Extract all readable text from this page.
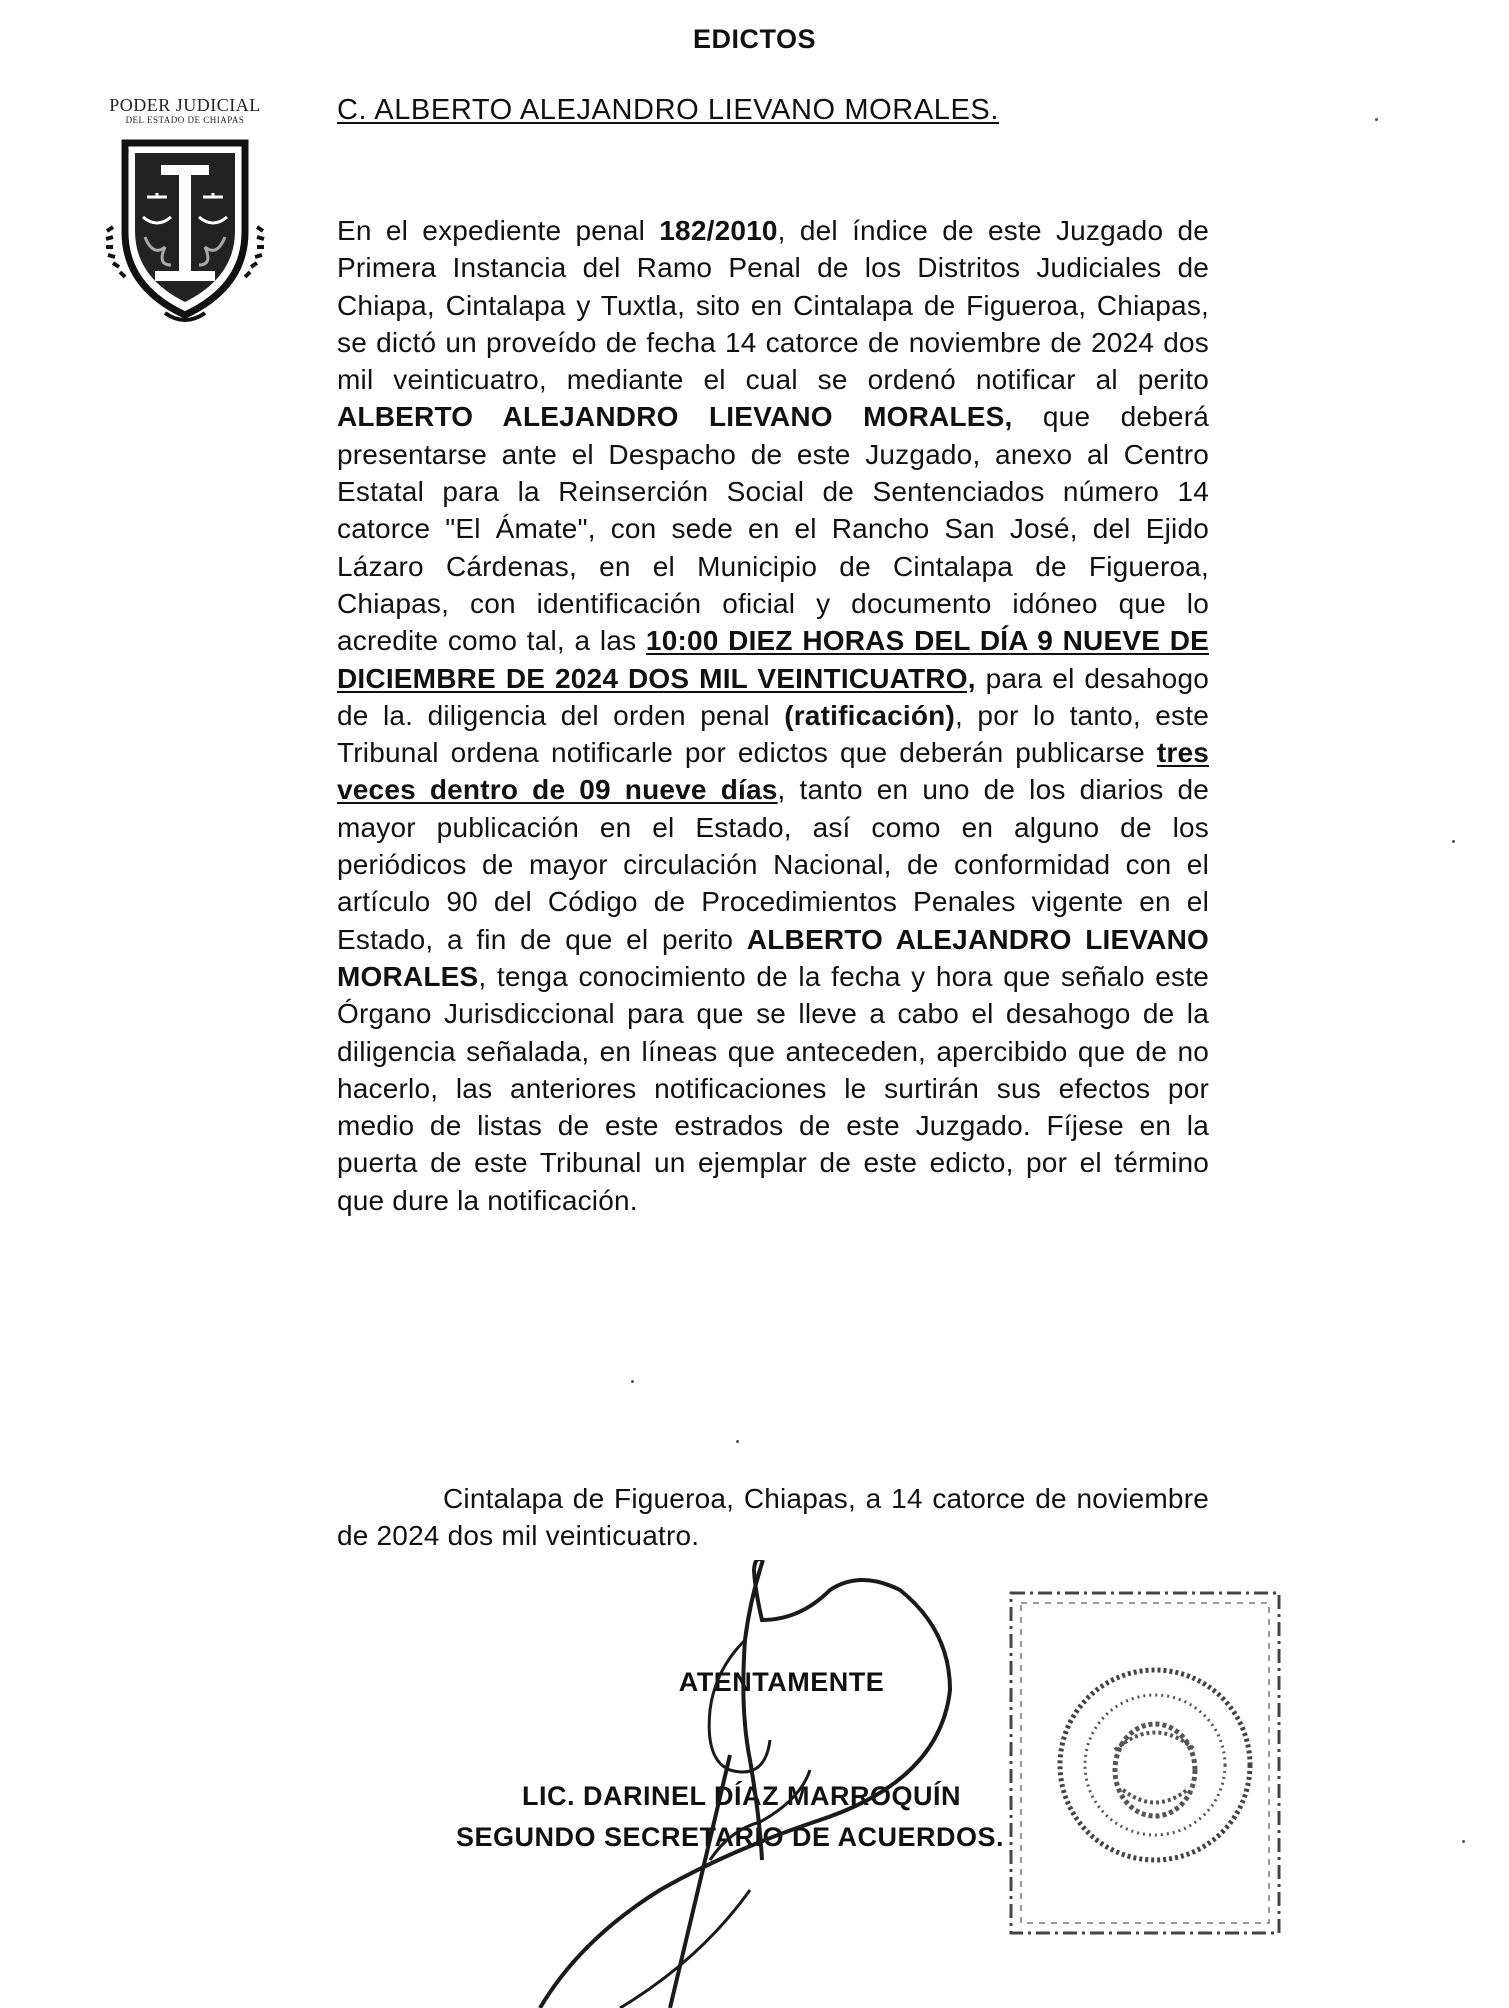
EDICTOS
PODER JUDICIAL
DEL ESTADO DE CHIAPAS	C. ALBERTO ALEJANDRO LIEVANO MORALES.

En el expediente penal 182/2010, del índice de este Juzgado de Primera Instancia del Ramo Penal de los Distritos Judiciales de Chiapa, Cintalapa y Tuxtla, sito en Cintalapa de Figueroa, Chiapas, se dictó un proveído de fecha 14 catorce de noviembre de 2024 dos mil veinticuatro, mediante el cual se ordenó notificar al perito ALBERTO ALEJANDRO LIEVANO MORALES, que deberá presentarse ante el Despacho de este Juzgado, anexo al Centro Estatal para la Reinserción Social de Sentenciados número 14 catorce "El Ámate", con sede en el Rancho San José, del Ejido Lázaro Cárdenas, en el Municipio de Cintalapa de Figueroa, Chiapas, con identificación oficial y documento idóneo que lo acredite como tal, a las 10:00 DIEZ HORAS DEL DÍA 9 NUEVE DE DICIEMBRE DE 2024 DOS MIL VEINTICUATRO, para el desahogo de la. diligencia del orden penal (ratificación), por lo tanto, este Tribunal ordena notificarle por edictos que deberán publicarse tres veces dentro de 09 nueve días, tanto en uno de los diarios de mayor publicación en el Estado, así como en alguno de los periódicos de mayor circulación Nacional, de conformidad con el artículo 90 del Código de Procedimientos Penales vigente en el Estado, a fin de que el perito ALBERTO ALEJANDRO LIEVANO MORALES, tenga conocimiento de la fecha y hora que señalo este Órgano Jurisdiccional para que se lleve a cabo el desahogo de la diligencia señalada, en líneas que anteceden, apercibido que de no hacerlo, las anteriores notificaciones le surtirán sus efectos por medio de listas de este estrados de este Juzgado. Fíjese en la puerta de este Tribunal un ejemplar de este edicto, por el término que dure la notificación.

Cintalapa de Figueroa, Chiapas, a 14 catorce de noviembre de 2024 dos mil veinticuatro.

ATENTAMENTE
LIC. DARINEL DÍAZ MARROQUÍN
SEGUNDO SECRETARIO DE ACUERDOS.
